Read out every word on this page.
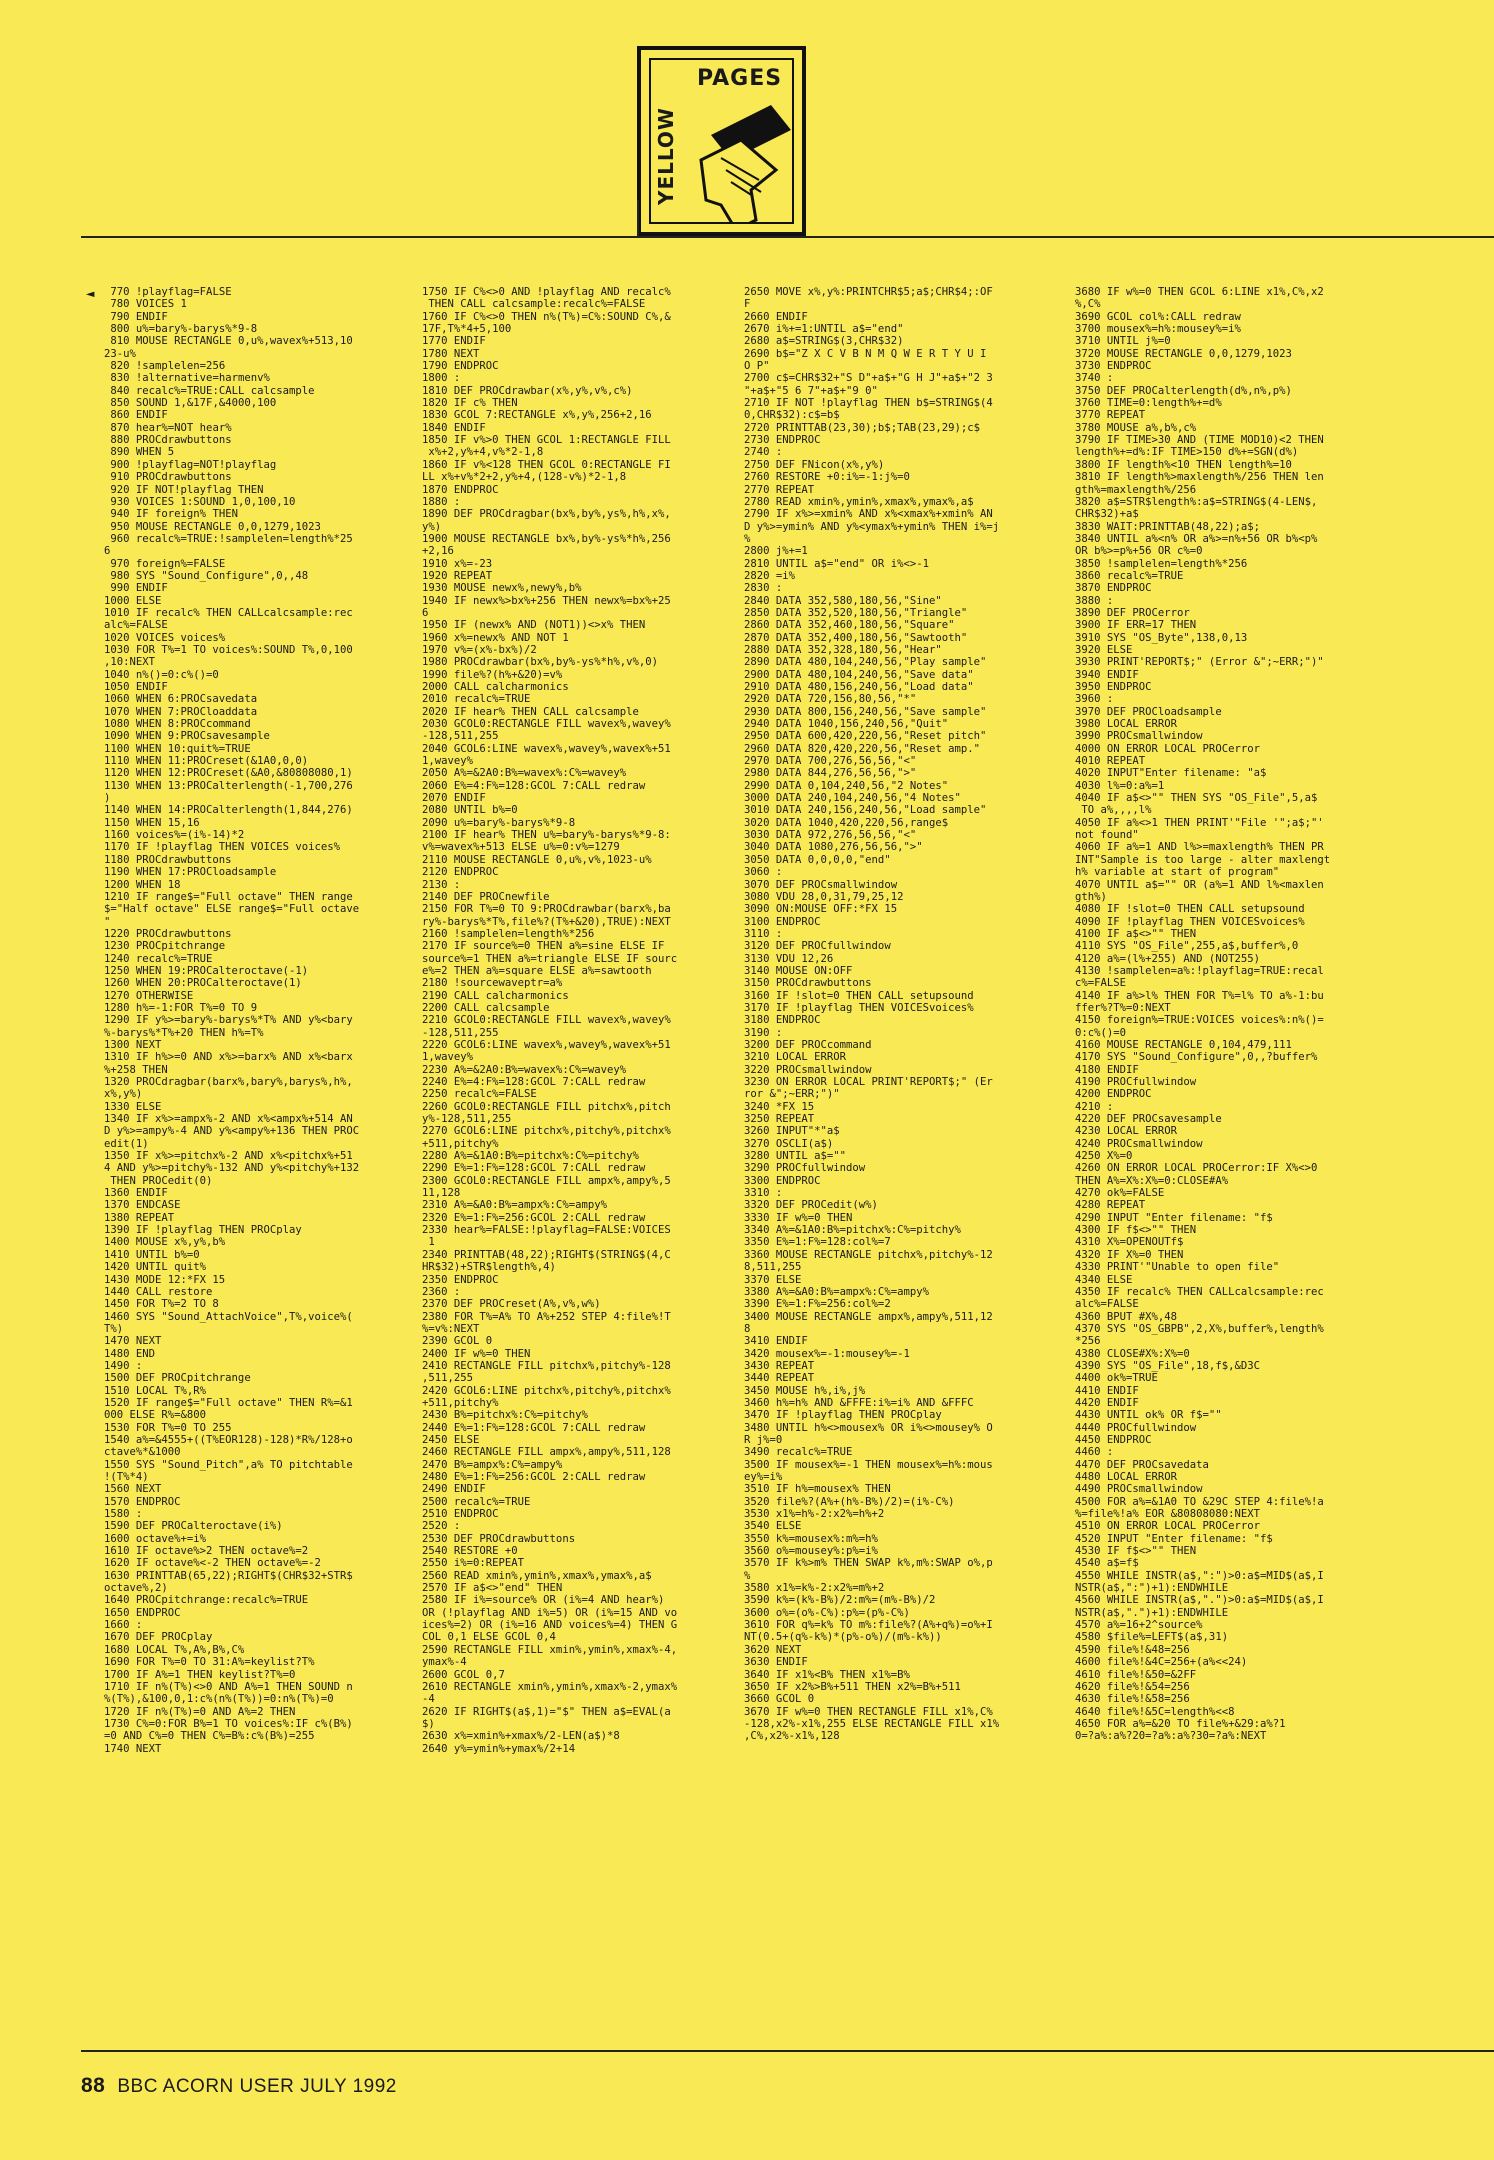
PAGES
YELLOW
◄	770 !playflag=FALSE
780 VOICES 1
790 ENDIF
800 u%=bary%-barys%*9-8
810 MOUSE RECTANGLE 0,u%,wavex%+513,10
23-u%
820 !samplelen=256
830 !alternative=harmenv%
840 recalc%=TRUE:CALL calcsample
850 SOUND 1,&17F,&4000,100
860 ENDIF
870 hear%=NOT hear%
880 PROCdrawbuttons
890 WHEN 5
900 !playflag=NOT!playflag
910 PROCdrawbuttons
920 IF NOT!playflag THEN
930 VOICES 1:SOUND 1,0,100,10
940 IF foreign% THEN
950 MOUSE RECTANGLE 0,0,1279,1023
960 recalc%=TRUE:!samplelen=length%*25
6
970 foreign%=FALSE
980 SYS "Sound_Configure",0,,48
990 ENDIF
1000 ELSE
1010 IF recalc% THEN CALLcalcsample:rec
alc%=FALSE
1020 VOICES voices%
1030 FOR T%=1 TO voices%:SOUND T%,0,100
,10:NEXT
1040 n%()=0:c%()=0
1050 ENDIF
1060 WHEN 6:PROCsavedata
1070 WHEN 7:PROCloaddata
1080 WHEN 8:PROCcommand
1090 WHEN 9:PROCsavesample
1100 WHEN 10:quit%=TRUE
1110 WHEN 11:PROCreset(&1A0,0,0)
1120 WHEN 12:PROCreset(&A0,&80808080,1)
1130 WHEN 13:PROCalterlength(-1,700,276
)
1140 WHEN 14:PROCalterlength(1,844,276)
1150 WHEN 15,16
1160 voices%=(i%-14)*2
1170 IF !playflag THEN VOICES voices%
1180 PROCdrawbuttons
1190 WHEN 17:PROCloadsample
1200 WHEN 18
1210 IF range$="Full octave" THEN range
$="Half octave" ELSE range$="Full octave
"
1220 PROCdrawbuttons
1230 PROCpitchrange
1240 recalc%=TRUE
1250 WHEN 19:PROCalteroctave(-1)
1260 WHEN 20:PROCalteroctave(1)
1270 OTHERWISE
1280 h%=-1:FOR T%=0 TO 9
1290 IF y%>=bary%-barys%*T% AND y%<bary
%-barys%*T%+20 THEN h%=T%
1300 NEXT
1310 IF h%>=0 AND x%>=barx% AND x%<barx
%+258 THEN
1320 PROCdragbar(barx%,bary%,barys%,h%,
x%,y%)
1330 ELSE
1340 IF x%>=ampx%-2 AND x%<ampx%+514 AN
D y%>=ampy%-4 AND y%<ampy%+136 THEN PROC
edit(1)
1350 IF x%>=pitchx%-2 AND x%<pitchx%+51
4 AND y%>=pitchy%-132 AND y%<pitchy%+132
THEN PROCedit(0)
1360 ENDIF
1370 ENDCASE
1380 REPEAT
1390 IF !playflag THEN PROCplay
1400 MOUSE x%,y%,b%
1410 UNTIL b%=0
1420 UNTIL quit%
1430 MODE 12:*FX 15
1440 CALL restore
1450 FOR T%=2 TO 8
1460 SYS "Sound_AttachVoice",T%,voice%(
T%)
1470 NEXT
1480 END
1490 :
1500 DEF PROCpitchrange
1510 LOCAL T%,R%
1520 IF range$="Full octave" THEN R%=&1
000 ELSE R%=&800
1530 FOR T%=0 TO 255
1540 a%=&4555+((T%EOR128)-128)*R%/128+o
ctave%*&1000
1550 SYS "Sound_Pitch",a% TO pitchtable
!(T%*4)
1560 NEXT
1570 ENDPROC
1580 :
1590 DEF PROCalteroctave(i%)
1600 octave%+=i%
1610 IF octave%>2 THEN octave%=2
1620 IF octave%<-2 THEN octave%=-2
1630 PRINTTAB(65,22);RIGHT$(CHR$32+STR$
octave%,2)
1640 PROCpitchrange:recalc%=TRUE
1650 ENDPROC
1660 :
1670 DEF PROCplay
1680 LOCAL T%,A%,B%,C%
1690 FOR T%=0 TO 31:A%=keylist?T%
1700 IF A%=1 THEN keylist?T%=0
1710 IF n%(T%)<>0 AND A%=1 THEN SOUND n
%(T%),&100,0,1:c%(n%(T%))=0:n%(T%)=0
1720 IF n%(T%)=0 AND A%=2 THEN
1730 C%=0:FOR B%=1 TO voices%:IF c%(B%)
=0 AND C%=0 THEN C%=B%:c%(B%)=255
1740 NEXT
1750 IF C%<>0 AND !playflag AND recalc%
THEN CALL calcsample:recalc%=FALSE
1760 IF C%<>0 THEN n%(T%)=C%:SOUND C%,&
17F,T%*4+5,100
1770 ENDIF
1780 NEXT
1790 ENDPROC
1800 :
1810 DEF PROCdrawbar(x%,y%,v%,c%)
1820 IF c% THEN
1830 GCOL 7:RECTANGLE x%,y%,256+2,16
1840 ENDIF
1850 IF v%>0 THEN GCOL 1:RECTANGLE FILL
x%+2,y%+4,v%*2-1,8
1860 IF v%<128 THEN GCOL 0:RECTANGLE FI
LL x%+v%*2+2,y%+4,(128-v%)*2-1,8
1870 ENDPROC
1880 :
1890 DEF PROCdragbar(bx%,by%,ys%,h%,x%,
y%)
1900 MOUSE RECTANGLE bx%,by%-ys%*h%,256
+2,16
1910 x%=-23
1920 REPEAT
1930 MOUSE newx%,newy%,b%
1940 IF newx%>bx%+256 THEN newx%=bx%+25
6
1950 IF (newx% AND (NOT1))<>x% THEN
1960 x%=newx% AND NOT 1
1970 v%=(x%-bx%)/2
1980 PROCdrawbar(bx%,by%-ys%*h%,v%,0)
1990 file%?(h%+&20)=v%
2000 CALL calcharmonics
2010 recalc%=TRUE
2020 IF hear% THEN CALL calcsample
2030 GCOL0:RECTANGLE FILL wavex%,wavey%
-128,511,255
2040 GCOL6:LINE wavex%,wavey%,wavex%+51
1,wavey%
2050 A%=&2A0:B%=wavex%:C%=wavey%
2060 E%=4:F%=128:GCOL 7:CALL redraw
2070 ENDIF
2080 UNTIL b%=0
2090 u%=bary%-barys%*9-8
2100 IF hear% THEN u%=bary%-barys%*9-8:
v%=wavex%+513 ELSE u%=0:v%=1279
2110 MOUSE RECTANGLE 0,u%,v%,1023-u%
2120 ENDPROC
2130 :
2140 DEF PROCnewfile
2150 FOR T%=0 TO 9:PROCdrawbar(barx%,ba
ry%-barys%*T%,file%?(T%+&20),TRUE):NEXT
2160 !samplelen=length%*256
2170 IF source%=0 THEN a%=sine ELSE IF
source%=1 THEN a%=triangle ELSE IF sourc
e%=2 THEN a%=square ELSE a%=sawtooth
2180 !sourcewaveptr=a%
2190 CALL calcharmonics
2200 CALL calcsample
2210 GCOL0:RECTANGLE FILL wavex%,wavey%
-128,511,255
2220 GCOL6:LINE wavex%,wavey%,wavex%+51
1,wavey%
2230 A%=&2A0:B%=wavex%:C%=wavey%
2240 E%=4:F%=128:GCOL 7:CALL redraw
2250 recalc%=FALSE
2260 GCOL0:RECTANGLE FILL pitchx%,pitch
y%-128,511,255
2270 GCOL6:LINE pitchx%,pitchy%,pitchx%
+511,pitchy%
2280 A%=&1A0:B%=pitchx%:C%=pitchy%
2290 E%=1:F%=128:GCOL 7:CALL redraw
2300 GCOL0:RECTANGLE FILL ampx%,ampy%,5
11,128
2310 A%=&A0:B%=ampx%:C%=ampy%
2320 E%=1:F%=256:GCOL 2:CALL redraw
2330 hear%=FALSE:!playflag=FALSE:VOICES
1
2340 PRINTTAB(48,22);RIGHT$(STRING$(4,C
HR$32)+STR$length%,4)
2350 ENDPROC
2360 :
2370 DEF PROCreset(A%,v%,w%)
2380 FOR T%=A% TO A%+252 STEP 4:file%!T
%=v%:NEXT
2390 GCOL 0
2400 IF w%=0 THEN
2410 RECTANGLE FILL pitchx%,pitchy%-128
,511,255
2420 GCOL6:LINE pitchx%,pitchy%,pitchx%
+511,pitchy%
2430 B%=pitchx%:C%=pitchy%
2440 E%=1:F%=128:GCOL 7:CALL redraw
2450 ELSE
2460 RECTANGLE FILL ampx%,ampy%,511,128
2470 B%=ampx%:C%=ampy%
2480 E%=1:F%=256:GCOL 2:CALL redraw
2490 ENDIF
2500 recalc%=TRUE
2510 ENDPROC
2520 :
2530 DEF PROCdrawbuttons
2540 RESTORE +0
2550 i%=0:REPEAT
2560 READ xmin%,ymin%,xmax%,ymax%,a$
2570 IF a$<>"end" THEN
2580 IF i%=source% OR (i%=4 AND hear%)
OR (!playflag AND i%=5) OR (i%=15 AND vo
ices%=2) OR (i%=16 AND voices%=4) THEN G
COL 0,1 ELSE GCOL 0,4
2590 RECTANGLE FILL xmin%,ymin%,xmax%-4,
ymax%-4
2600 GCOL 0,7
2610 RECTANGLE xmin%,ymin%,xmax%-2,ymax%
-4
2620 IF RIGHT$(a$,1)="$" THEN a$=EVAL(a
$)
2630 x%=xmin%+xmax%/2-LEN(a$)*8
2640 y%=ymin%+ymax%/2+14
2650 MOVE x%,y%:PRINTCHR$5;a$;CHR$4;:OF
F
2660 ENDIF
2670 i%+=1:UNTIL a$="end"
2680 a$=STRING$(3,CHR$32)
2690 b$="Z X C V B N M Q W E R T Y U I
O P"
2700 c$=CHR$32+"S D"+a$+"G H J"+a$+"2 3
"+a$+"5 6 7"+a$+"9 0"
2710 IF NOT !playflag THEN b$=STRING$(4
0,CHR$32):c$=b$
2720 PRINTTAB(23,30);b$;TAB(23,29);c$
2730 ENDPROC
2740 :
2750 DEF FNicon(x%,y%)
2760 RESTORE +0:i%=-1:j%=0
2770 REPEAT
2780 READ xmin%,ymin%,xmax%,ymax%,a$
2790 IF x%>=xmin% AND x%<xmax%+xmin% AN
D y%>=ymin% AND y%<ymax%+ymin% THEN i%=j
%
2800 j%+=1
2810 UNTIL a$="end" OR i%<>-1
2820 =i%
2830 :
2840 DATA 352,580,180,56,"Sine"
2850 DATA 352,520,180,56,"Triangle"
2860 DATA 352,460,180,56,"Square"
2870 DATA 352,400,180,56,"Sawtooth"
2880 DATA 352,328,180,56,"Hear"
2890 DATA 480,104,240,56,"Play sample"
2900 DATA 480,104,240,56,"Save data"
2910 DATA 480,156,240,56,"Load data"
2920 DATA 720,156,80,56,"*"
2930 DATA 800,156,240,56,"Save sample"
2940 DATA 1040,156,240,56,"Quit"
2950 DATA 600,420,220,56,"Reset pitch"
2960 DATA 820,420,220,56,"Reset amp."
2970 DATA 700,276,56,56,"<"
2980 DATA 844,276,56,56,">"
2990 DATA 0,104,240,56,"2 Notes"
3000 DATA 240,104,240,56,"4 Notes"
3010 DATA 240,156,240,56,"Load sample"
3020 DATA 1040,420,220,56,range$
3030 DATA 972,276,56,56,"<"
3040 DATA 1080,276,56,56,">"
3050 DATA 0,0,0,0,"end"
3060 :
3070 DEF PROCsmallwindow
3080 VDU 28,0,31,79,25,12
3090 ON:MOUSE OFF:*FX 15
3100 ENDPROC
3110 :
3120 DEF PROCfullwindow
3130 VDU 12,26
3140 MOUSE ON:OFF
3150 PROCdrawbuttons
3160 IF !slot=0 THEN CALL setupsound
3170 IF !playflag THEN VOICESvoices%
3180 ENDPROC
3190 :
3200 DEF PROCcommand
3210 LOCAL ERROR
3220 PROCsmallwindow
3230 ON ERROR LOCAL PRINT'REPORT$;" (Er
ror &";~ERR;")"
3240 *FX 15
3250 REPEAT
3260 INPUT"*"a$
3270 OSCLI(a$)
3280 UNTIL a$=""
3290 PROCfullwindow
3300 ENDPROC
3310 :
3320 DEF PROCedit(w%)
3330 IF w%=0 THEN
3340 A%=&1A0:B%=pitchx%:C%=pitchy%
3350 E%=1:F%=128:col%=7
3360 MOUSE RECTANGLE pitchx%,pitchy%-12
8,511,255
3370 ELSE
3380 A%=&A0:B%=ampx%:C%=ampy%
3390 E%=1:F%=256:col%=2
3400 MOUSE RECTANGLE ampx%,ampy%,511,12
8
3410 ENDIF
3420 mousex%=-1:mousey%=-1
3430 REPEAT
3440 REPEAT
3450 MOUSE h%,i%,j%
3460 h%=h% AND &FFFE:i%=i% AND &FFFC
3470 IF !playflag THEN PROCplay
3480 UNTIL h%<>mousex% OR i%<>mousey% O
R j%=0
3490 recalc%=TRUE
3500 IF mousex%=-1 THEN mousex%=h%:mous
ey%=i%
3510 IF h%=mousex% THEN
3520 file%?(A%+(h%-B%)/2)=(i%-C%)
3530 x1%=h%-2:x2%=h%+2
3540 ELSE
3550 k%=mousex%:m%=h%
3560 o%=mousey%:p%=i%
3570 IF k%>m% THEN SWAP k%,m%:SWAP o%,p
%
3580 x1%=k%-2:x2%=m%+2
3590 k%=(k%-B%)/2:m%=(m%-B%)/2
3600 o%=(o%-C%):p%=(p%-C%)
3610 FOR q%=k% TO m%:file%?(A%+q%)=o%+I
NT(0.5+(q%-k%)*(p%-o%)/(m%-k%))
3620 NEXT
3630 ENDIF
3640 IF x1%<B% THEN x1%=B%
3650 IF x2%>B%+511 THEN x2%=B%+511
3660 GCOL 0
3670 IF w%=0 THEN RECTANGLE FILL x1%,C%
-128,x2%-x1%,255 ELSE RECTANGLE FILL x1%
,C%,x2%-x1%,128
3680 IF w%=0 THEN GCOL 6:LINE x1%,C%,x2
%,C%
3690 GCOL col%:CALL redraw
3700 mousex%=h%:mousey%=i%
3710 UNTIL j%=0
3720 MOUSE RECTANGLE 0,0,1279,1023
3730 ENDPROC
3740 :
3750 DEF PROCalterlength(d%,n%,p%)
3760 TIME=0:length%+=d%
3770 REPEAT
3780 MOUSE a%,b%,c%
3790 IF TIME>30 AND (TIME MOD10)<2 THEN
length%+=d%:IF TIME>150 d%+=SGN(d%)
3800 IF length%<10 THEN length%=10
3810 IF length%>maxlength%/256 THEN len
gth%=maxlength%/256
3820 a$=STR$length%:a$=STRING$(4-LEN$,
CHR$32)+a$
3830 WAIT:PRINTTAB(48,22);a$;
3840 UNTIL a%<n% OR a%>=n%+56 OR b%<p%
OR b%>=p%+56 OR c%=0
3850 !samplelen=length%*256
3860 recalc%=TRUE
3870 ENDPROC
3880 :
3890 DEF PROCerror
3900 IF ERR=17 THEN
3910 SYS "OS_Byte",138,0,13
3920 ELSE
3930 PRINT'REPORT$;" (Error &";~ERR;")"
3940 ENDIF
3950 ENDPROC
3960 :
3970 DEF PROCloadsample
3980 LOCAL ERROR
3990 PROCsmallwindow
4000 ON ERROR LOCAL PROCerror
4010 REPEAT
4020 INPUT"Enter filename: "a$
4030 l%=0:a%=1
4040 IF a$<>"" THEN SYS "OS_File",5,a$
TO a%,,,,l%
4050 IF a%<>1 THEN PRINT'"File '";a$;"'
not found"
4060 IF a%=1 AND l%>=maxlength% THEN PR
INT"Sample is too large - alter maxlengt
h% variable at start of program"
4070 UNTIL a$="" OR (a%=1 AND l%<maxlen
gth%)
4080 IF !slot=0 THEN CALL setupsound
4090 IF !playflag THEN VOICESvoices%
4100 IF a$<>"" THEN
4110 SYS "OS_File",255,a$,buffer%,0
4120 a%=(l%+255) AND (NOT255)
4130 !samplelen=a%:!playflag=TRUE:recal
c%=FALSE
4140 IF a%>l% THEN FOR T%=l% TO a%-1:bu
ffer%?T%=0:NEXT
4150 foreign%=TRUE:VOICES voices%:n%()=
0:c%()=0
4160 MOUSE RECTANGLE 0,104,479,111
4170 SYS "Sound_Configure",0,,?buffer%
4180 ENDIF
4190 PROCfullwindow
4200 ENDPROC
4210 :
4220 DEF PROCsavesample
4230 LOCAL ERROR
4240 PROCsmallwindow
4250 X%=0
4260 ON ERROR LOCAL PROCerror:IF X%<>0
THEN A%=X%:X%=0:CLOSE#A%
4270 ok%=FALSE
4280 REPEAT
4290 INPUT "Enter filename: "f$
4300 IF f$<>"" THEN
4310 X%=OPENOUTf$
4320 IF X%=0 THEN
4330 PRINT'"Unable to open file"
4340 ELSE
4350 IF recalc% THEN CALLcalcsample:rec
alc%=FALSE
4360 BPUT #X%,48
4370 SYS "OS_GBPB",2,X%,buffer%,length%
*256
4380 CLOSE#X%:X%=0
4390 SYS "OS_File",18,f$,&D3C
4400 ok%=TRUE
4410 ENDIF
4420 ENDIF
4430 UNTIL ok% OR f$=""
4440 PROCfullwindow
4450 ENDPROC
4460 :
4470 DEF PROCsavedata
4480 LOCAL ERROR
4490 PROCsmallwindow
4500 FOR a%=&1A0 TO &29C STEP 4:file%!a
%=file%!a% EOR &80808080:NEXT
4510 ON ERROR LOCAL PROCerror
4520 INPUT "Enter filename: "f$
4530 IF f$<>"" THEN
4540 a$=f$
4550 WHILE INSTR(a$,":")>0:a$=MID$(a$,I
NSTR(a$,":")+1):ENDWHILE
4560 WHILE INSTR(a$,".")>0:a$=MID$(a$,I
NSTR(a$,".")+1):ENDWHILE
4570 a%=16+2^source%
4580 $file%=LEFT$(a$,31)
4590 file%!&48=256
4600 file%!&4C=256+(a%<<24)
4610 file%!&50=&2FF
4620 file%!&54=256
4630 file%!&58=256
4640 file%!&5C=length%<<8
4650 FOR a%=&20 TO file%+&29:a%?1
0=?a%:a%?20=?a%:a%?30=?a%:NEXT
88 BBC ACORN USER JULY 1992
